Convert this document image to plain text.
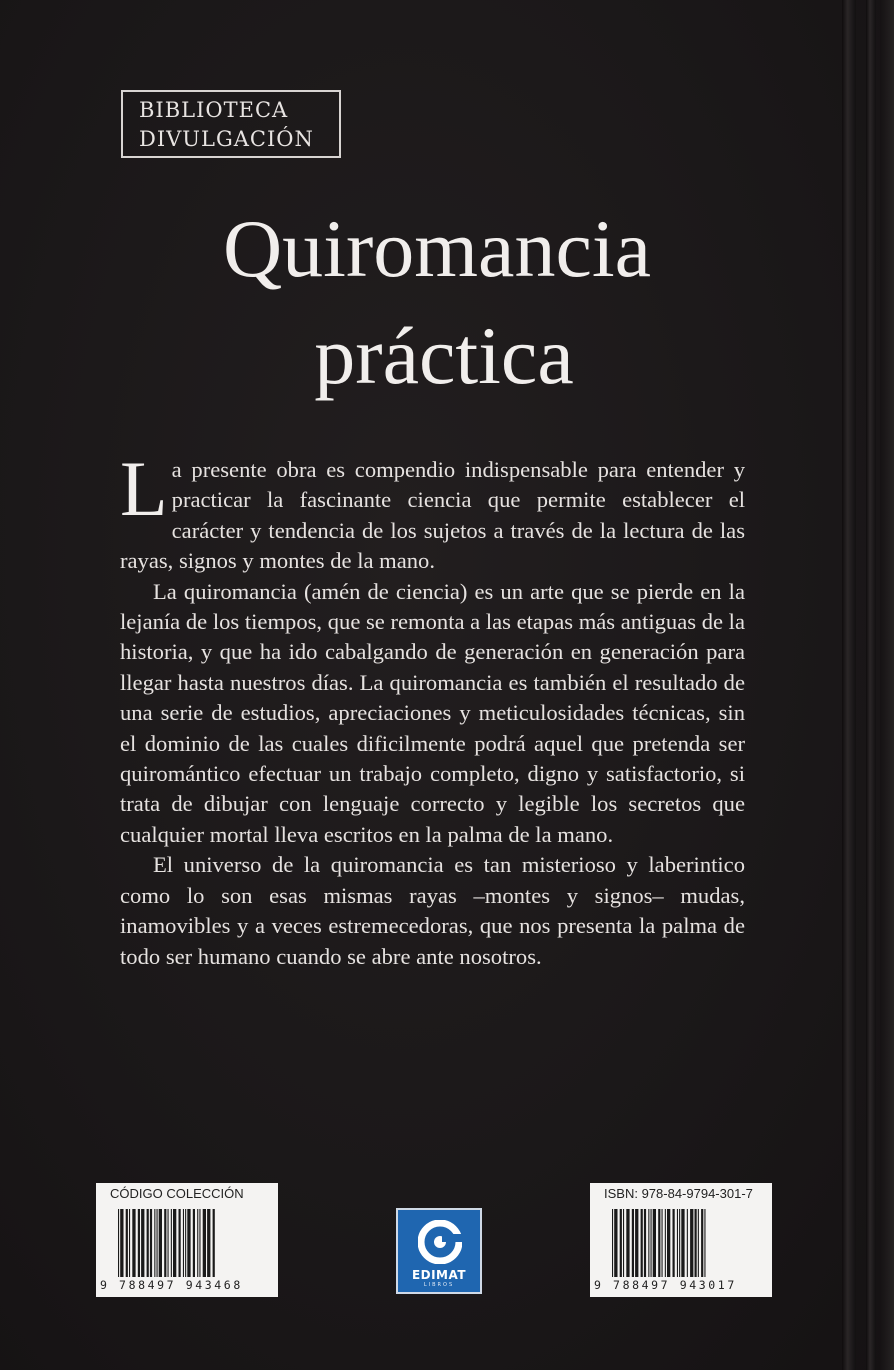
BIBLIOTECA
DIVULGACIÓN
Quiromancia
práctica

La presente obra es compendio indispensable para entender y practicar la fascinante ciencia que permite establecer el carácter y tendencia de los sujetos a través de la lectura de las rayas, signos y montes de la mano.

La quiromancia (amén de ciencia) es un arte que se pierde en la lejanía de los tiempos, que se remonta a las etapas más antiguas de la historia, y que ha ido cabalgando de generación en generación para llegar hasta nuestros días. La quiromancia es también el resultado de una serie de estudios, apreciaciones y meticulosidades técnicas, sin el dominio de las cuales dificilmente podrá aquel que pretenda ser quiromántico efectuar un trabajo completo, digno y satisfactorio, si trata de dibujar con lenguaje correcto y legible los secretos que cualquier mortal lleva escritos en la palma de la mano.

El universo de la quiromancia es tan misterioso y laberintico como lo son esas mismas rayas –montes y signos– mudas, inamovibles y a veces estremecedoras, que nos presenta la palma de todo ser humano cuando se abre ante nosotros.

CÓDIGO COLECCIÓN
9 788497 943468
EDIMAT
LIBROS
ISBN: 978-84-9794-301-7
9 788497 943017
